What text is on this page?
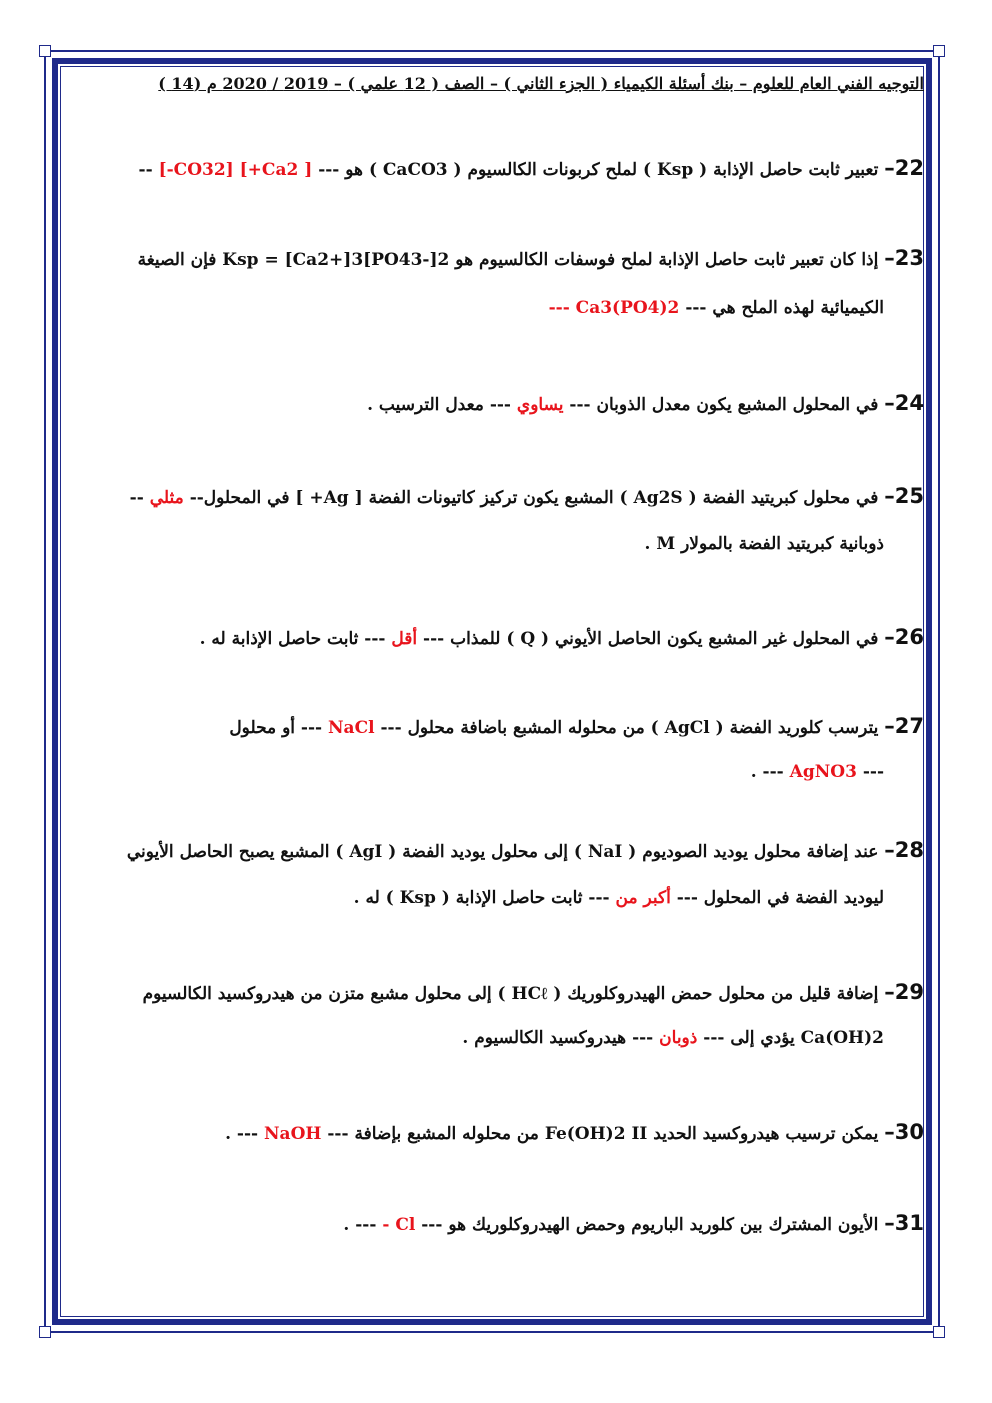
التوجيه الفني العام للعلوم – بنك أسئلة الكيمياء ( الجزء الثاني ) – الصف ( 12 علمي ) – 2019 / 2020 م (14 )
22– تعبير ثابت حاصل الإذابة ( Ksp ) لملح كربونات الكالسيوم ( CaCO3 ) هو --- [ Ca2+] [CO32-] --
23– إذا كان تعبير ثابت حاصل الإذابة لملح فوسفات الكالسيوم هو Ksp = [Ca2+]3[PO43-]2 فإن الصيغة
الكيميائية لهذه الملح هي --- Ca3(PO4)2 ---
24– في المحلول المشبع يكون معدل الذوبان --- يساوي --- معدل الترسيب .
25– في محلول كبريتيد الفضة ( Ag2S ) المشبع يكون تركيز كاتيونات الفضة [ Ag+ ] في المحلول-- مثلي --
ذوبانية كبريتيد الفضة بالمولار M .
26– في المحلول غير المشبع يكون الحاصل الأيوني ( Q ) للمذاب --- أقل --- ثابت حاصل الإذابة له .
27– يترسب كلوريد الفضة ( AgCl ) من محلوله المشبع باضافة محلول --- NaCl --- أو محلول
--- AgNO3 --- .
28– عند إضافة محلول يوديد الصوديوم ( NaI ) إلى محلول يوديد الفضة ( AgI ) المشبع يصبح الحاصل الأيوني
ليوديد الفضة في المحلول --- أكبر من --- ثابت حاصل الإذابة ( Ksp ) له .
29– إضافة قليل من محلول حمض الهيدروكلوريك ( HCℓ ) إلى محلول مشبع متزن من هيدروكسيد الكالسيوم
Ca(OH)2 يؤدي إلى --- ذوبان --- هيدروكسيد الكالسيوم .
30– يمكن ترسيب هيدروكسيد الحديد Fe(OH)2 II من محلوله المشبع بإضافة --- NaOH --- .
31– الأيون المشترك بين كلوريد الباريوم وحمض الهيدروكلوريك هو --- Cl - --- .
